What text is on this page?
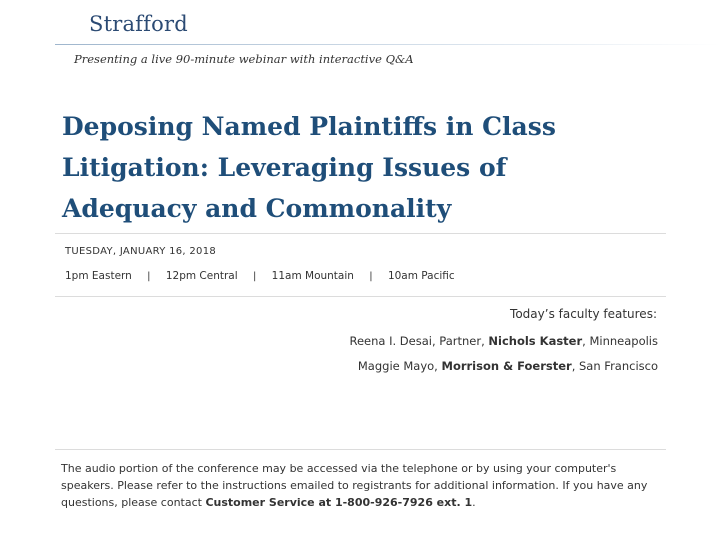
Strafford
Presenting a live 90-minute webinar with interactive Q&A
Deposing Named Plaintiffs in Class Litigation: Leveraging Issues of Adequacy and Commonality
TUESDAY, JANUARY 16, 2018
1pm Eastern | 12pm Central | 11am Mountain | 10am Pacific
Today’s faculty features:
Reena I. Desai, Partner, Nichols Kaster, Minneapolis
Maggie Mayo, Morrison & Foerster, San Francisco

The audio portion of the conference may be accessed via the telephone or by using your computer's speakers. Please refer to the instructions emailed to registrants for additional information. If you have any questions, please contact Customer Service at 1-800-926-7926 ext. 1.
